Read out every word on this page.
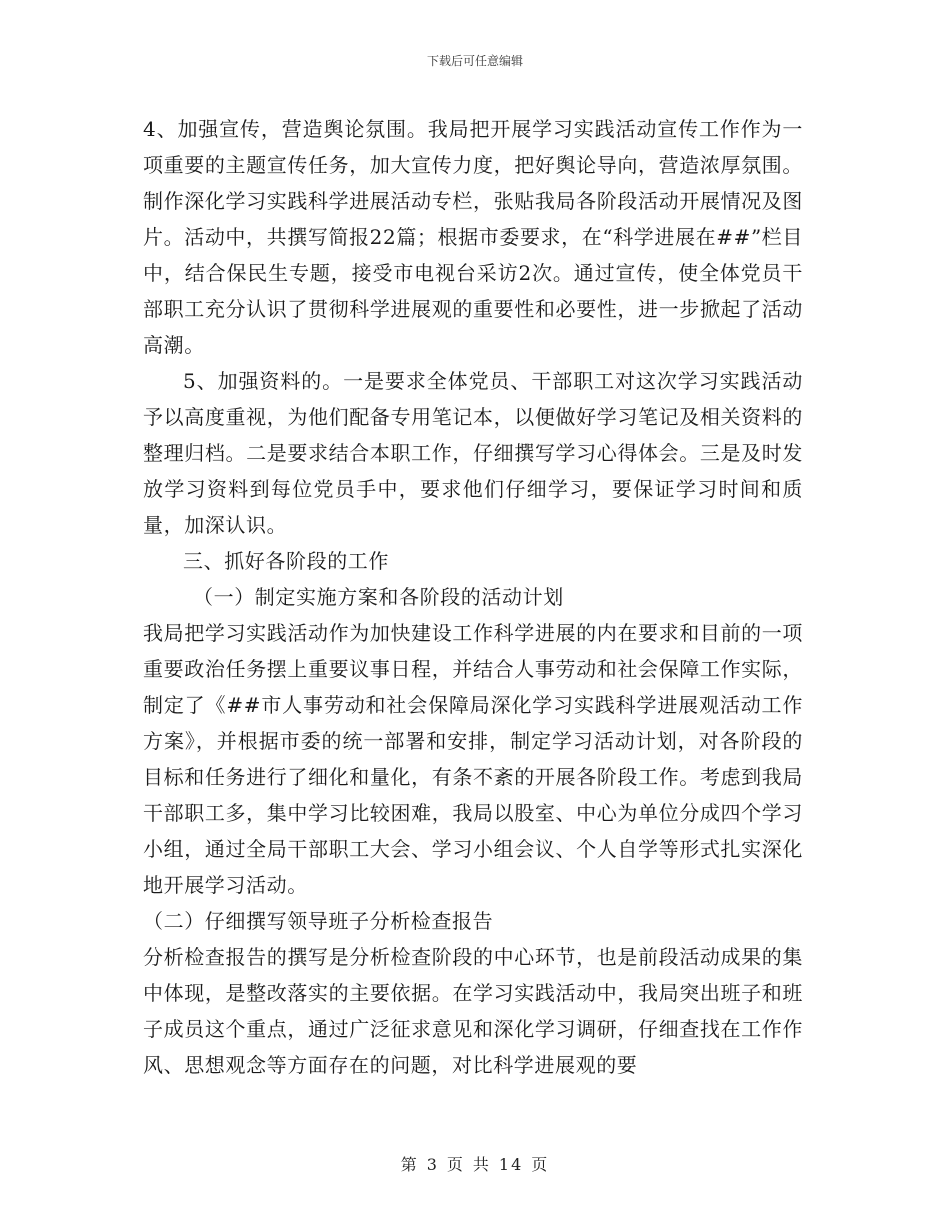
下载后可任意编辑

4、加强宣传，营造舆论氛围。我局把开展学习实践活动宣传工作作为一项重要的主题宣传任务，加大宣传力度，把好舆论导向，营造浓厚氛围。制作深化学习实践科学进展活动专栏，张贴我局各阶段活动开展情况及图片。活动中，共撰写简报22篇；根据市委要求，在“科学进展在##”栏目中，结合保民生专题，接受市电视台采访2次。通过宣传，使全体党员干部职工充分认识了贯彻科学进展观的重要性和必要性，进一步掀起了活动高潮。

5、加强资料的。一是要求全体党员、干部职工对这次学习实践活动予以高度重视，为他们配备专用笔记本，以便做好学习笔记及相关资料的整理归档。二是要求结合本职工作，仔细撰写学习心得体会。三是及时发放学习资料到每位党员手中，要求他们仔细学习，要保证学习时间和质量，加深认识。

三、抓好各阶段的工作

（一）制定实施方案和各阶段的活动计划

我局把学习实践活动作为加快建设工作科学进展的内在要求和目前的一项重要政治任务摆上重要议事日程，并结合人事劳动和社会保障工作实际，制定了《##市人事劳动和社会保障局深化学习实践科学进展观活动工作方案》，并根据市委的统一部署和安排，制定学习活动计划，对各阶段的目标和任务进行了细化和量化，有条不紊的开展各阶段工作。考虑到我局干部职工多，集中学习比较困难，我局以股室、中心为单位分成四个学习小组，通过全局干部职工大会、学习小组会议、个人自学等形式扎实深化地开展学习活动。

（二）仔细撰写领导班子分析检查报告

分析检查报告的撰写是分析检查阶段的中心环节，也是前段活动成果的集中体现，是整改落实的主要依据。在学习实践活动中，我局突出班子和班子成员这个重点，通过广泛征求意见和深化学习调研，仔细查找在工作作风、思想观念等方面存在的问题，对比科学进展观的要

第 3 页 共 14 页
